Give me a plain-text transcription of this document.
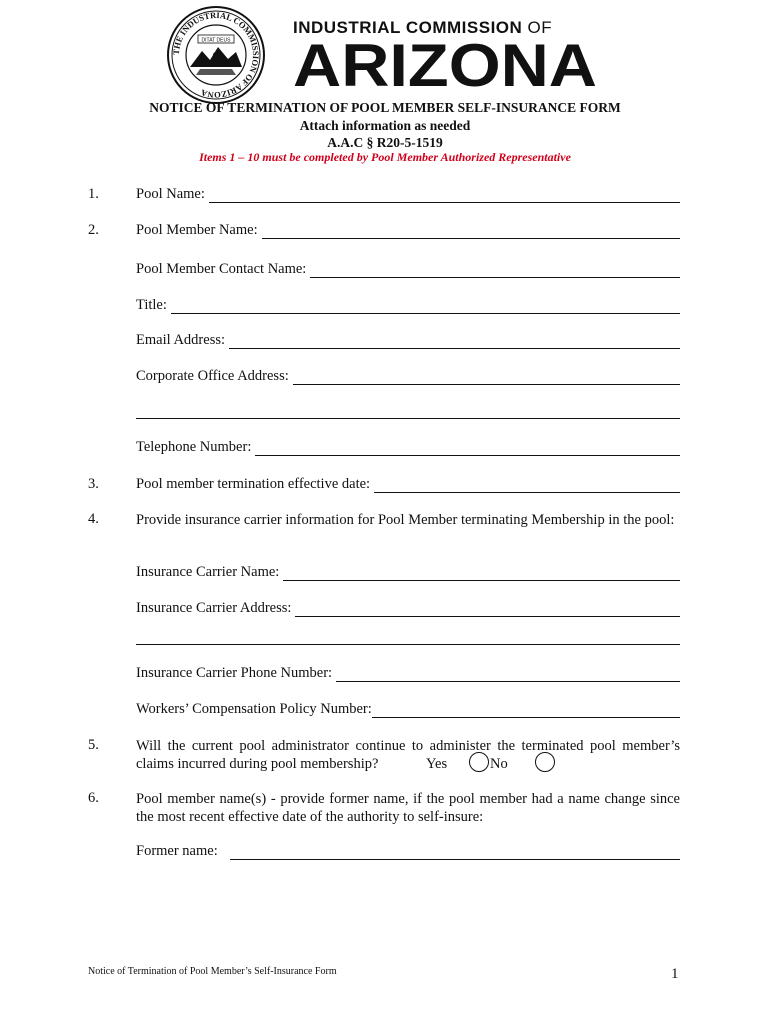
THE INDUSTRIAL COMMISSION OF ARIZONA
DITAT DEUS
INDUSTRIAL COMMISSION OF
ARIZONA
NOTICE OF TERMINATION OF POOL MEMBER SELF-INSURANCE FORM
Attach information as needed
A.A.C § R20-5-1519
Items 1 – 10 must be completed by Pool Member Authorized Representative
1.	Pool Name:
2.	Pool Member Name:
Pool Member Contact Name:
Title:
Email Address:
Corporate Office Address:
Telephone Number:
3.	Pool member termination effective date:
4.	Provide insurance carrier information for Pool Member terminating Membership in the pool:
Insurance Carrier Name:
Insurance Carrier Address:
Insurance Carrier Phone Number:
Workers’ Compensation Policy Number:
5.	Will the current pool administrator continue to administer the terminated pool member’s
claims incurred during pool membership?	Yes	No
6.	Pool member name(s) - provide former name, if the pool member had a name change since the most recent effective date of the authority to self-insure:
Former name:
Notice of Termination of Pool Member’s Self-Insurance Form	1
